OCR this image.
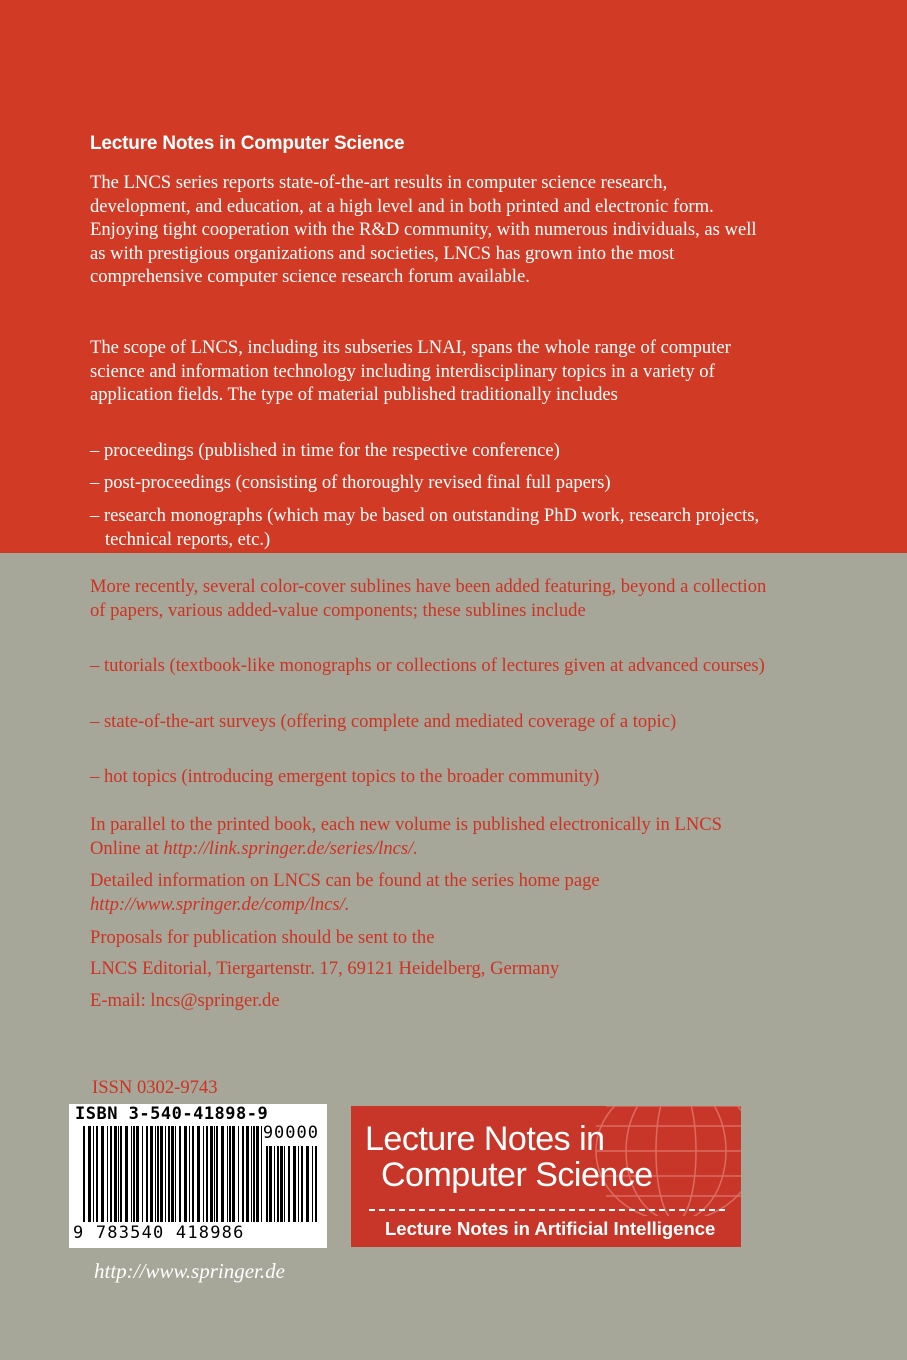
Lecture Notes in Computer Science

The LNCS series reports state-of-the-art results in computer science research, development, and education, at a high level and in both printed and electronic form. Enjoying tight cooperation with the R&D community, with numerous individuals, as well as with prestigious organizations and societies, LNCS has grown into the most comprehensive computer science research forum available.

The scope of LNCS, including its subseries LNAI, spans the whole range of computer science and information technology including interdisciplinary topics in a variety of application fields. The type of material published traditionally includes

– proceedings (published in time for the respective conference)

– post-proceedings (consisting of thoroughly revised final full papers)

– research monographs (which may be based on outstanding PhD work, research projects, technical reports, etc.)

More recently, several color-cover sublines have been added featuring, beyond a collection of papers, various added-value components; these sublines include

– tutorials (textbook-like monographs or collections of lectures given at advanced courses)

– state-of-the-art surveys (offering complete and mediated coverage of a topic)

– hot topics (introducing emergent topics to the broader community)

In parallel to the printed book, each new volume is published electronically in LNCS Online at http://link.springer.de/series/lncs/.

Detailed information on LNCS can be found at the series home page http://www.springer.de/comp/lncs/.

Proposals for publication should be sent to the

LNCS Editorial, Tiergartenstr. 17, 69121 Heidelberg, Germany

E-mail: lncs@springer.de

ISSN 0302-9743
ISBN 3-540-41898-9
90000
9 783540 418986
http://www.springer.de
Lecture Notes in
Computer Science
Lecture Notes in Artificial Intelligence
